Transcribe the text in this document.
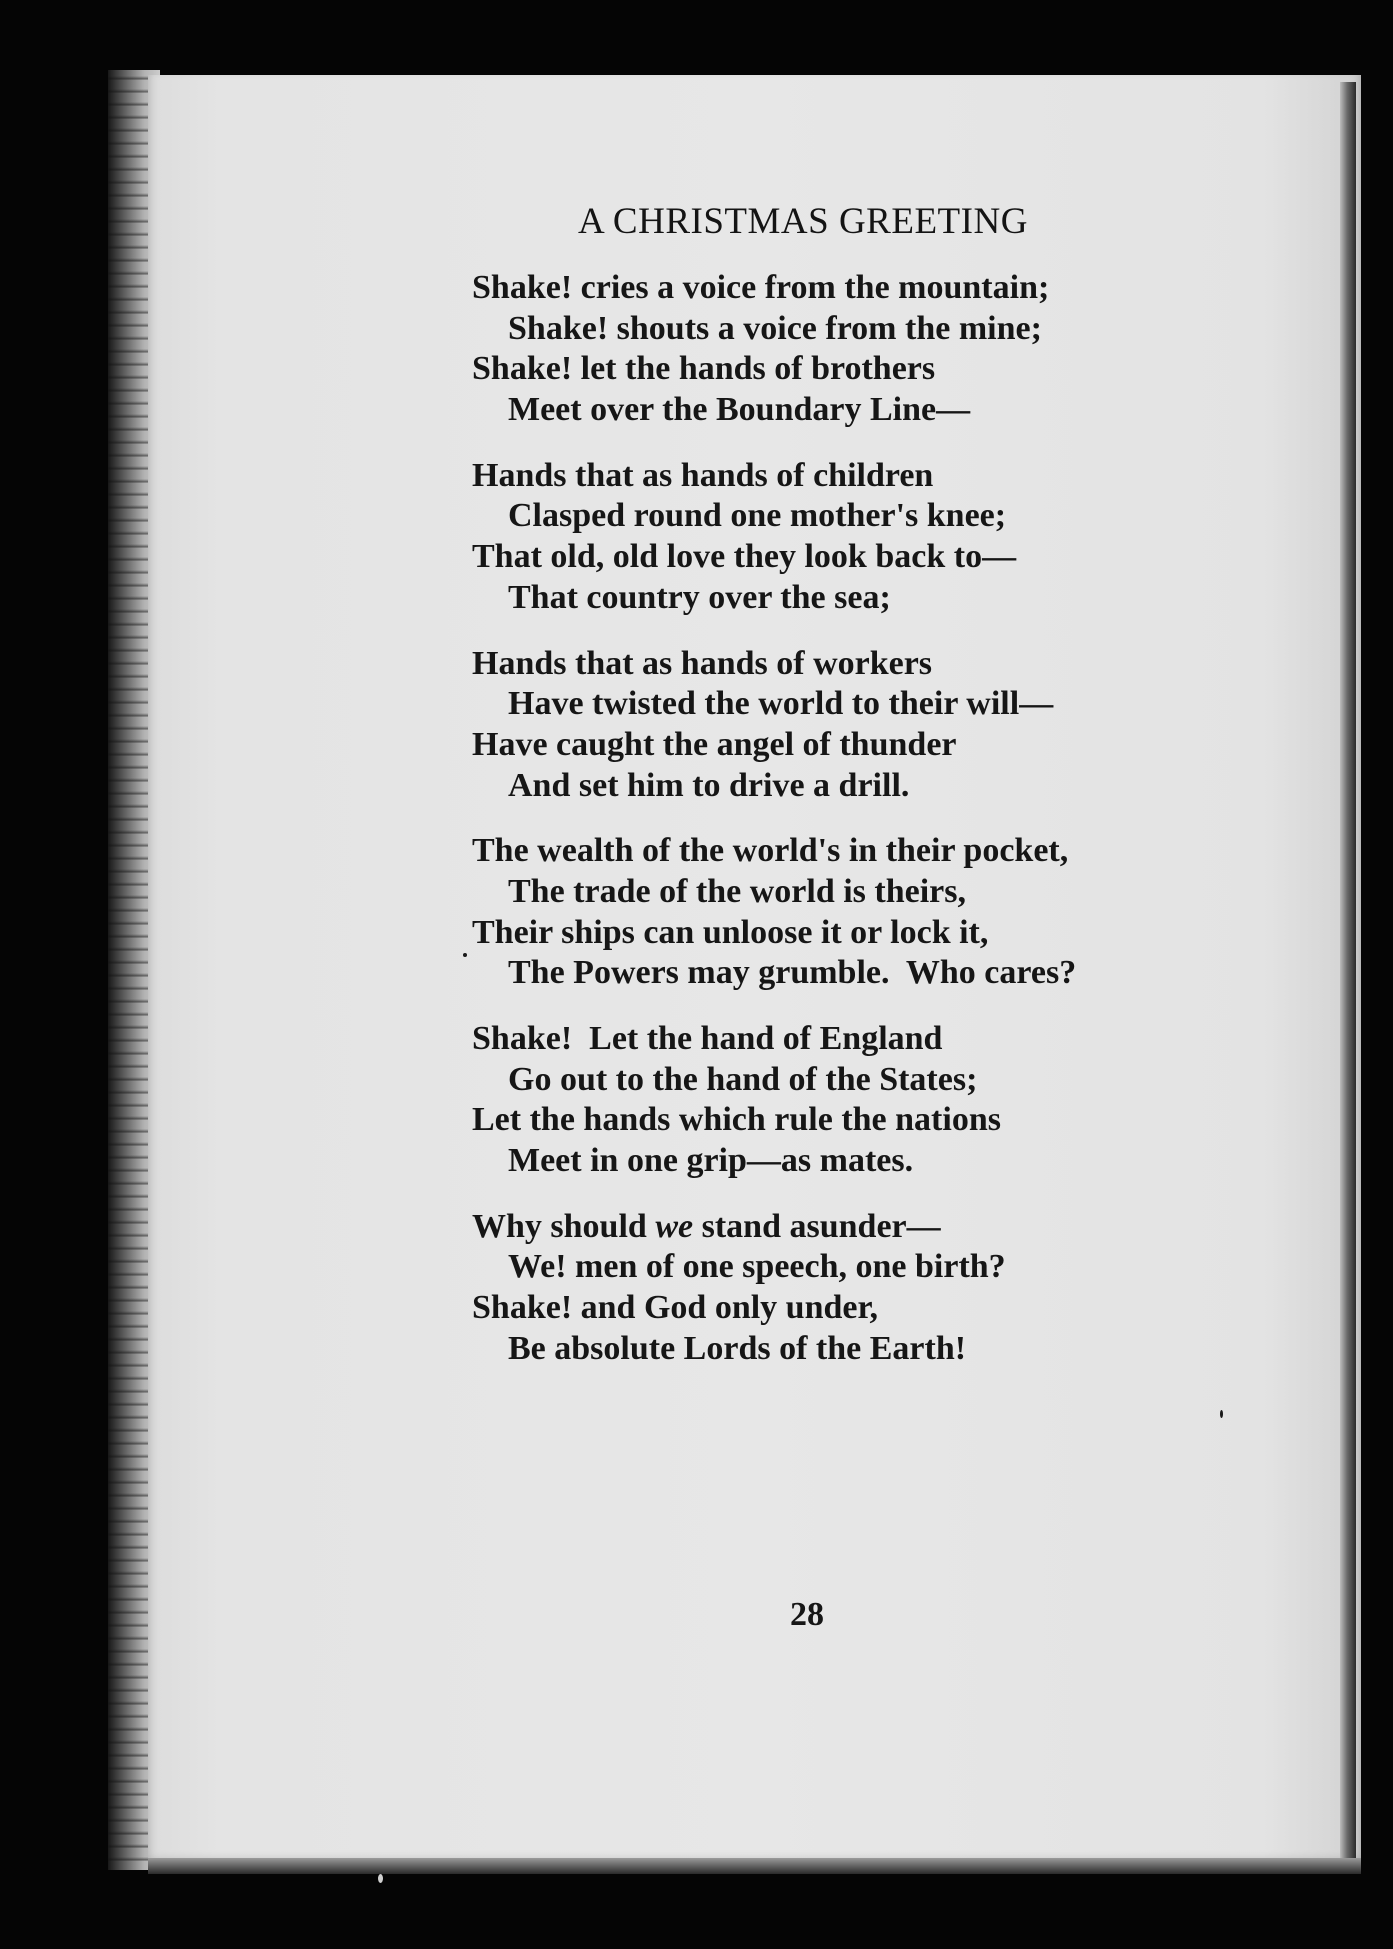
A CHRISTMAS GREETING
Shake! cries a voice from the mountain;
Shake! shouts a voice from the mine;
Shake! let the hands of brothers
Meet over the Boundary Line—
Hands that as hands of children
Clasped round one mother's knee;
That old, old love they look back to—
That country over the sea;
Hands that as hands of workers
Have twisted the world to their will—
Have caught the angel of thunder
And set him to drive a drill.
The wealth of the world's in their pocket,
The trade of the world is theirs,
Their ships can unloose it or lock it,
The Powers may grumble.  Who cares?
Shake!  Let the hand of England
Go out to the hand of the States;
Let the hands which rule the nations
Meet in one grip—as mates.
Why should we stand asunder—
We! men of one speech, one birth?
Shake! and God only under,
Be absolute Lords of the Earth!
28
